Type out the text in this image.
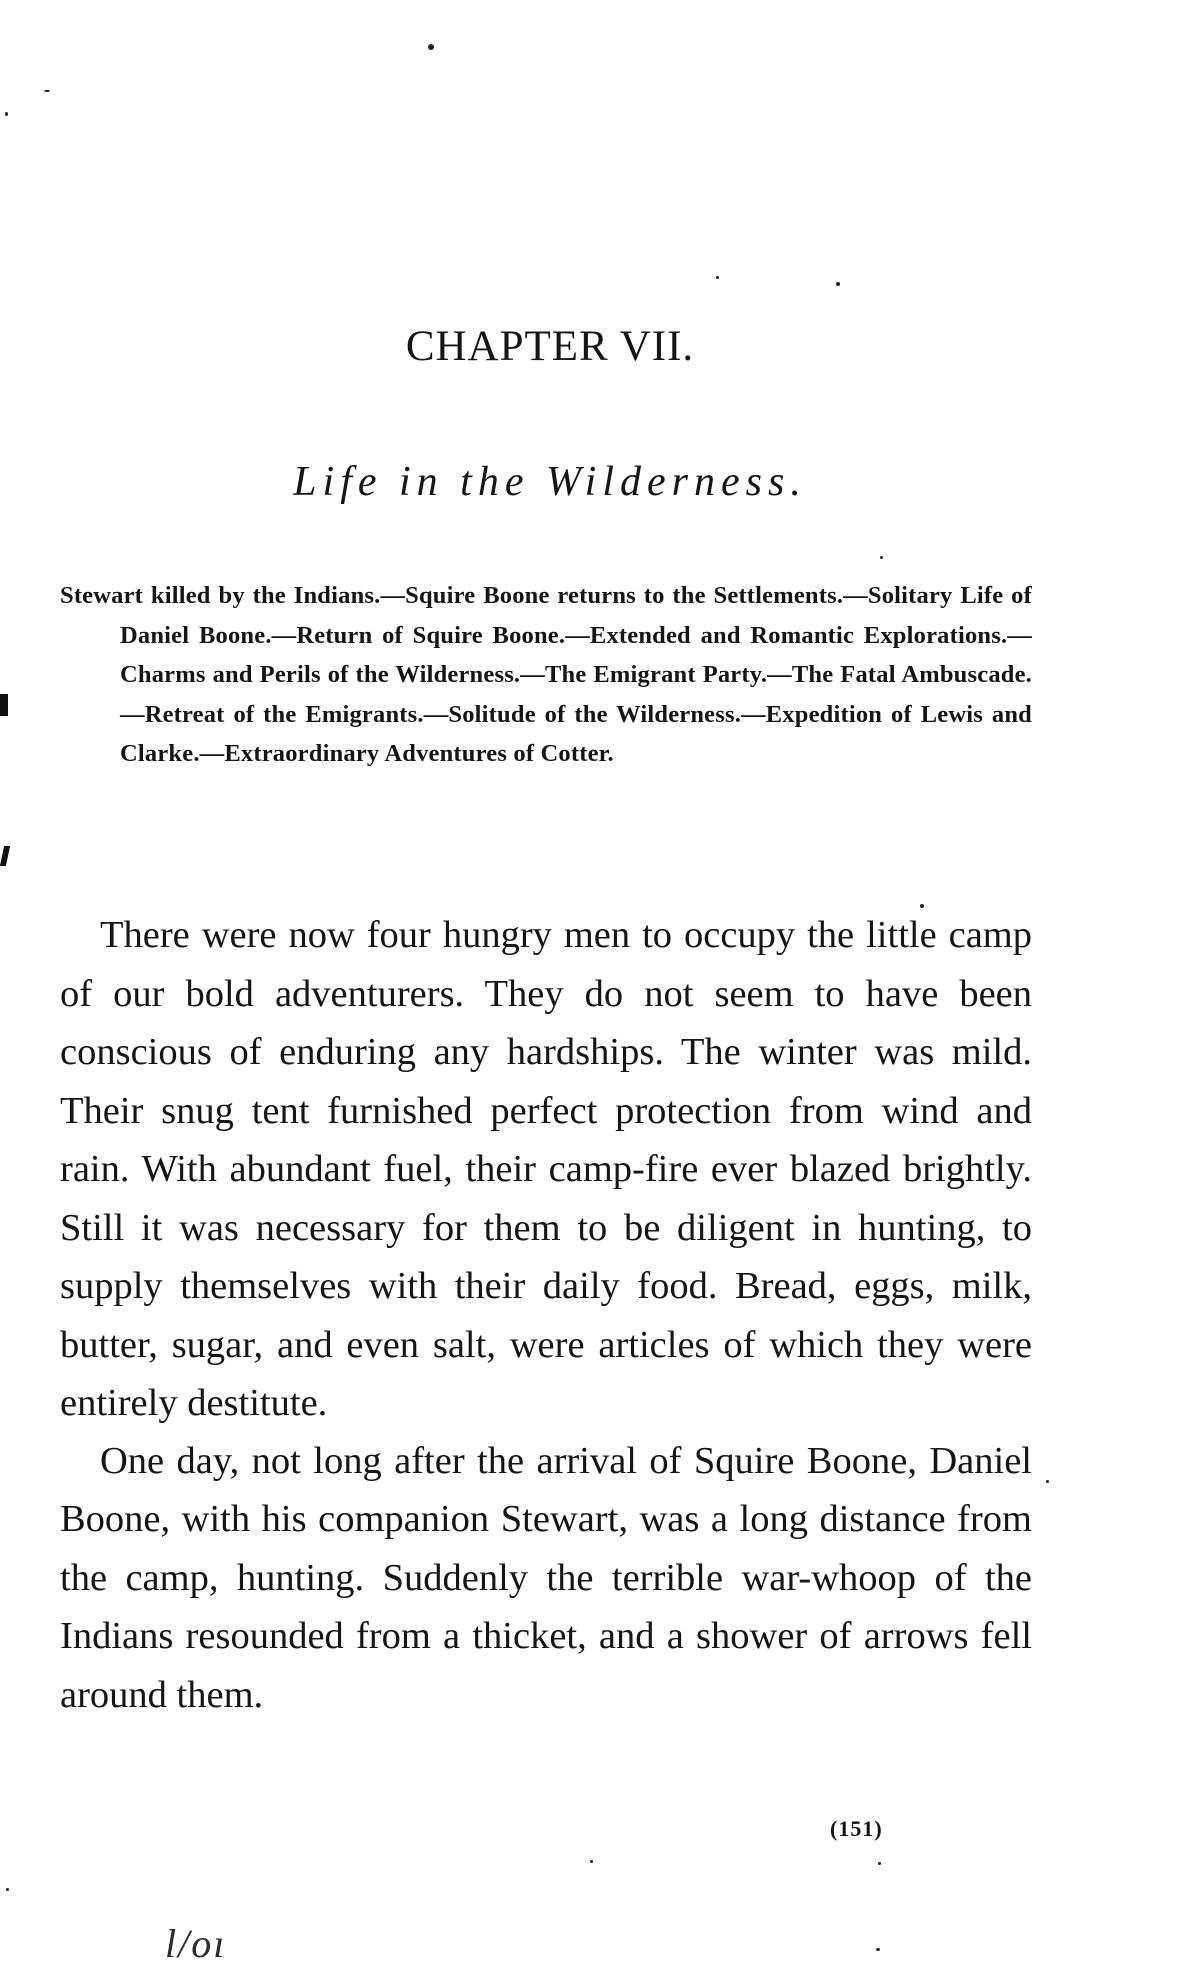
CHAPTER VII.
Life in the Wilderness.

Stewart killed by the Indians.—Squire Boone returns to the Settlements.—Solitary Life of Daniel Boone.—Return of Squire Boone.—Extended and Romantic Explorations.—Charms and Perils of the Wilderness.—The Emigrant Party.—The Fatal Ambuscade.—Retreat of the Emigrants.—Solitude of the Wilderness.—Expedition of Lewis and Clarke.—Extraordinary Adventures of Cotter.

There were now four hungry men to occupy the little camp of our bold adventurers. They do not seem to have been conscious of enduring any hardships. The winter was mild. Their snug tent furnished perfect protection from wind and rain. With abundant fuel, their camp-fire ever blazed brightly. Still it was necessary for them to be diligent in hunting, to supply themselves with their daily food. Bread, eggs, milk, butter, sugar, and even salt, were articles of which they were entirely destitute.

One day, not long after the arrival of Squire Boone, Daniel Boone, with his companion Stewart, was a long distance from the camp, hunting. Suddenly the terrible war-whoop of the Indians resounded from a thicket, and a shower of arrows fell around them.

(151)
l/oı
